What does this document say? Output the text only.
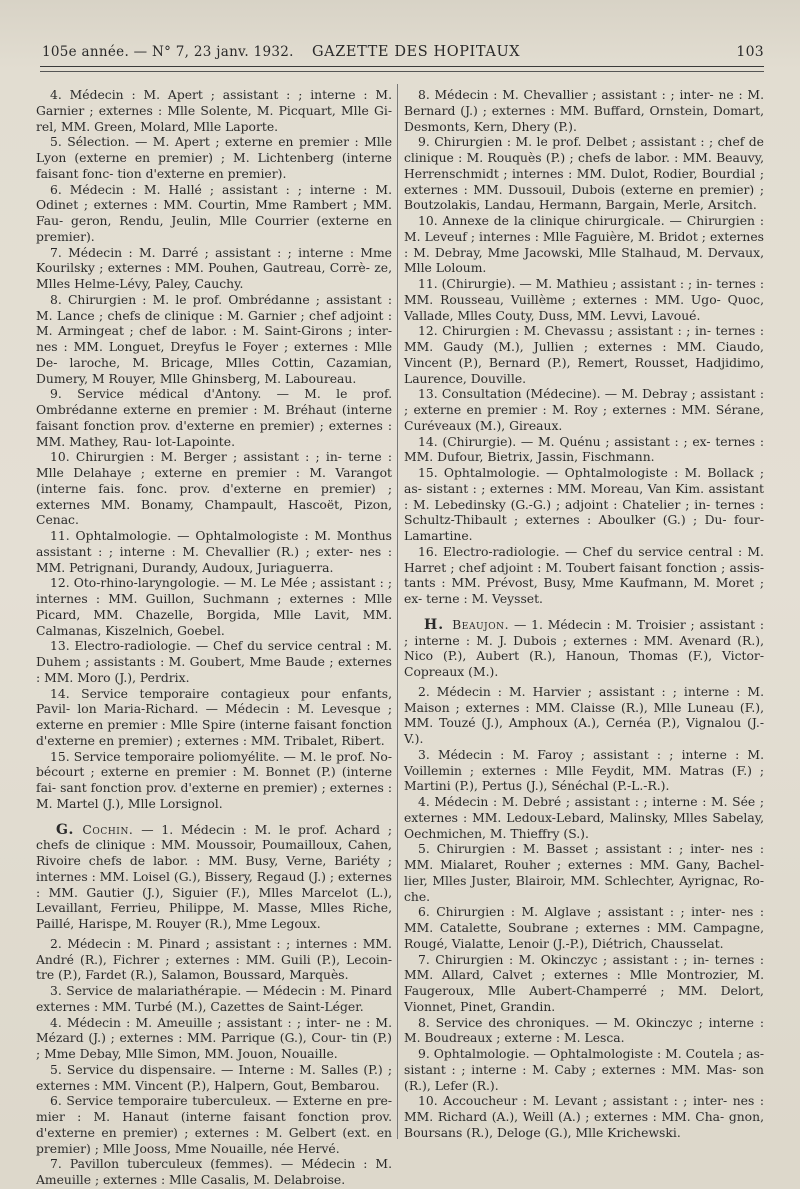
105e année. — N° 7, 23 janv. 1932. GAZETTE DES HOPITAUX	103

4. Médecin : M. Apert ; assistant : ; interne : M. Garnier ; externes : Mlle Solente, M. Picquart, Mlle Gi- rel, MM. Green, Molard, Mlle Laporte.

5. Sélection. — M. Apert ; externe en premier : Mlle Lyon (externe en premier) ; M. Lichtenberg (interne faisant fonc- tion d'externe en premier).

6. Médecin : M. Hallé ; assistant : ; interne : M. Odinet ; externes : MM. Courtin, Mme Rambert ; MM. Fau- geron, Rendu, Jeulin, Mlle Courrier (externe en premier).

7. Médecin : M. Darré ; assistant : ; interne : Mme Kourilsky ; externes : MM. Pouhen, Gautreau, Corrè- ze, Mlles Helme-Lévy, Paley, Cauchy.

8. Chirurgien : M. le prof. Ombrédanne ; assistant : M. Lance ; chefs de clinique : M. Garnier ; chef adjoint : M. Armingeat ; chef de labor. : M. Saint-Girons ; inter- nes : MM. Longuet, Dreyfus le Foyer ; externes : Mlle De- laroche, M. Bricage, Mlles Cottin, Cazamian, Dumery, M Rouyer, Mlle Ghinsberg, M. Laboureau.

9. Service médical d'Antony. — M. le prof. Ombrédanne externe en premier : M. Bréhaut (interne faisant fonction prov. d'externe en premier) ; externes : MM. Mathey, Rau- lot-Lapointe.

10. Chirurgien : M. Berger ; assistant : ; in- terne : Mlle Delahaye ; externe en premier : M. Varangot (interne fais. fonc. prov. d'externe en premier) ; externes MM. Bonamy, Champault, Hascoët, Pizon, Cenac.

11. Ophtalmologie. — Ophtalmologiste : M. Monthus assistant : ; interne : M. Chevallier (R.) ; exter- nes : MM. Petrignani, Durandy, Audoux, Juriaguerra.

12. Oto-rhino-laryngologie. — M. Le Mée ; assistant : ; internes : MM. Guillon, Suchmann ; externes : Mlle Picard, MM. Chazelle, Borgida, Mlle Lavit, MM. Calmanas, Kiszelnich, Goebel.

13. Electro-radiologie. — Chef du service central : M. Duhem ; assistants : M. Goubert, Mme Baude ; externes : MM. Moro (J.), Perdrix.

14. Service temporaire contagieux pour enfants, Pavil- lon Maria-Richard. — Médecin : M. Levesque ; externe en premier : Mlle Spire (interne faisant fonction d'externe en premier) ; externes : MM. Tribalet, Ribert.

15. Service temporaire poliomyélite. — M. le prof. No- bécourt ; externe en premier : M. Bonnet (P.) (interne fai- sant fonction prov. d'externe en premier) ; externes : M. Martel (J.), Mlle Lorsignol.

G. Cochin. — 1. Médecin : M. le prof. Achard ; chefs de clinique : MM. Moussoir, Poumailloux, Cahen, Rivoire chefs de labor. : MM. Busy, Verne, Bariéty ; internes : MM. Loisel (G.), Bissery, Regaud (J.) ; externes : MM. Gautier (J.), Siguier (F.), Mlles Marcelot (L.), Levaillant, Ferrieu, Philippe, M. Masse, Mlles Riche, Paillé, Harispe, M. Rouyer (R.), Mme Legoux.

2. Médecin : M. Pinard ; assistant : ; internes : MM. André (R.), Fichrer ; externes : MM. Guili (P.), Lecoin- tre (P.), Fardet (R.), Salamon, Boussard, Marquès.

3. Service de malariathérapie. — Médecin : M. Pinard externes : MM. Turbé (M.), Cazettes de Saint-Léger.

4. Médecin : M. Ameuille ; assistant : ; inter- ne : M. Mézard (J.) ; externes : MM. Parrique (G.), Cour- tin (P.) ; Mme Debay, Mlle Simon, MM. Jouon, Nouaille.

5. Service du dispensaire. — Interne : M. Salles (P.) ; externes : MM. Vincent (P.), Halpern, Gout, Bembarou.

6. Service temporaire tuberculeux. — Externe en pre- mier : M. Hanaut (interne faisant fonction prov. d'externe en premier) ; externes : M. Gelbert (ext. en premier) ; Mlle Jooss, Mme Nouaille, née Hervé.

7. Pavillon tuberculeux (femmes). — Médecin : M. Ameuille ; externes : Mlle Casalis, M. Delabroise.

8. Médecin : M. Chevallier ; assistant : ; inter- ne : M. Bernard (J.) ; externes : MM. Buffard, Ornstein, Domart, Desmonts, Kern, Dhery (P.).

9. Chirurgien : M. le prof. Delbet ; assistant : ; chef de clinique : M. Rouquès (P.) ; chefs de labor. : MM. Beauvy, Herrenschmidt ; internes : MM. Dulot, Rodier, Bourdial ; externes : MM. Dussouil, Dubois (externe en premier) ; Boutzolakis, Landau, Hermann, Bargain, Merle, Arsitch.

10. Annexe de la clinique chirurgicale. — Chirurgien : M. Leveuf ; internes : Mlle Faguière, M. Bridot ; externes : M. Debray, Mme Jacowski, Mlle Stalhaud, M. Dervaux, Mlle Loloum.

11. (Chirurgie). — M. Mathieu ; assistant : ; in- ternes : MM. Rousseau, Vuillème ; externes : MM. Ugo- Quoc, Vallade, Mlles Couty, Duss, MM. Levvi, Lavoué.

12. Chirurgien : M. Chevassu ; assistant : ; in- ternes : MM. Gaudy (M.), Jullien ; externes : MM. Ciaudo, Vincent (P.), Bernard (P.), Remert, Rousset, Hadjidimo, Laurence, Douville.

13. Consultation (Médecine). — M. Debray ; assistant : ; externe en premier : M. Roy ; externes : MM. Sérane, Curéveaux (M.), Gireaux.

14. (Chirurgie). — M. Quénu ; assistant : ; ex- ternes : MM. Dufour, Bietrix, Jassin, Fischmann.

15. Ophtalmologie. — Ophtalmologiste : M. Bollack ; as- sistant : ; externes : MM. Moreau, Van Kim. assistant : M. Lebedinsky (G.-G.) ; adjoint : Chatelier ; in- ternes : Schultz-Thibault ; externes : Aboulker (G.) ; Du- four-Lamartine.

16. Electro-radiologie. — Chef du service central : M. Harret ; chef adjoint : M. Toubert faisant fonction ; assis- tants : MM. Prévost, Busy, Mme Kaufmann, M. Moret ; ex- terne : M. Veysset.

H. Beaujon. — 1. Médecin : M. Troisier ; assistant : ; interne : M. J. Dubois ; externes : MM. Avenard (R.), Nico (P.), Aubert (R.), Hanoun, Thomas (F.), Victor- Copreaux (M.).

2. Médecin : M. Harvier ; assistant : ; interne : M. Maison ; externes : MM. Claisse (R.), Mlle Luneau (F.), MM. Touzé (J.), Amphoux (A.), Cernéa (P.), Vignalou (J.- V.).

3. Médecin : M. Faroy ; assistant : ; interne : M. Voillemin ; externes : Mlle Feydit, MM. Matras (F.) ; Martini (P.), Pertus (J.), Sénéchal (P.-L.-R.).

4. Médecin : M. Debré ; assistant : ; interne : M. Sée ; externes : MM. Ledoux-Lebard, Malinsky, Mlles Sabelay, Oechmichen, M. Thieffry (S.).

5. Chirurgien : M. Basset ; assistant : ; inter- nes : MM. Mialaret, Rouher ; externes : MM. Gany, Bachel- lier, Mlles Juster, Blairoir, MM. Schlechter, Ayrignac, Ro- che.

6. Chirurgien : M. Alglave ; assistant : ; inter- nes : MM. Catalette, Soubrane ; externes : MM. Campagne, Rougé, Vialatte, Lenoir (J.-P.), Diétrich, Chausselat.

7. Chirurgien : M. Okinczyc ; assistant : ; in- ternes : MM. Allard, Calvet ; externes : Mlle Montrozier, M. Faugeroux, Mlle Aubert-Champerré ; MM. Delort, Vionnet, Pinet, Grandin.

8. Service des chroniques. — M. Okinczyc ; interne : M. Boudreaux ; externe : M. Lesca.

9. Ophtalmologie. — Ophtalmologiste : M. Coutela ; as- sistant : ; interne : M. Caby ; externes : MM. Mas- son (R.), Lefer (R.).

10. Accoucheur : M. Levant ; assistant : ; inter- nes : MM. Richard (A.), Weill (A.) ; externes : MM. Cha- gnon, Boursans (R.), Deloge (G.), Mlle Krichewski.
